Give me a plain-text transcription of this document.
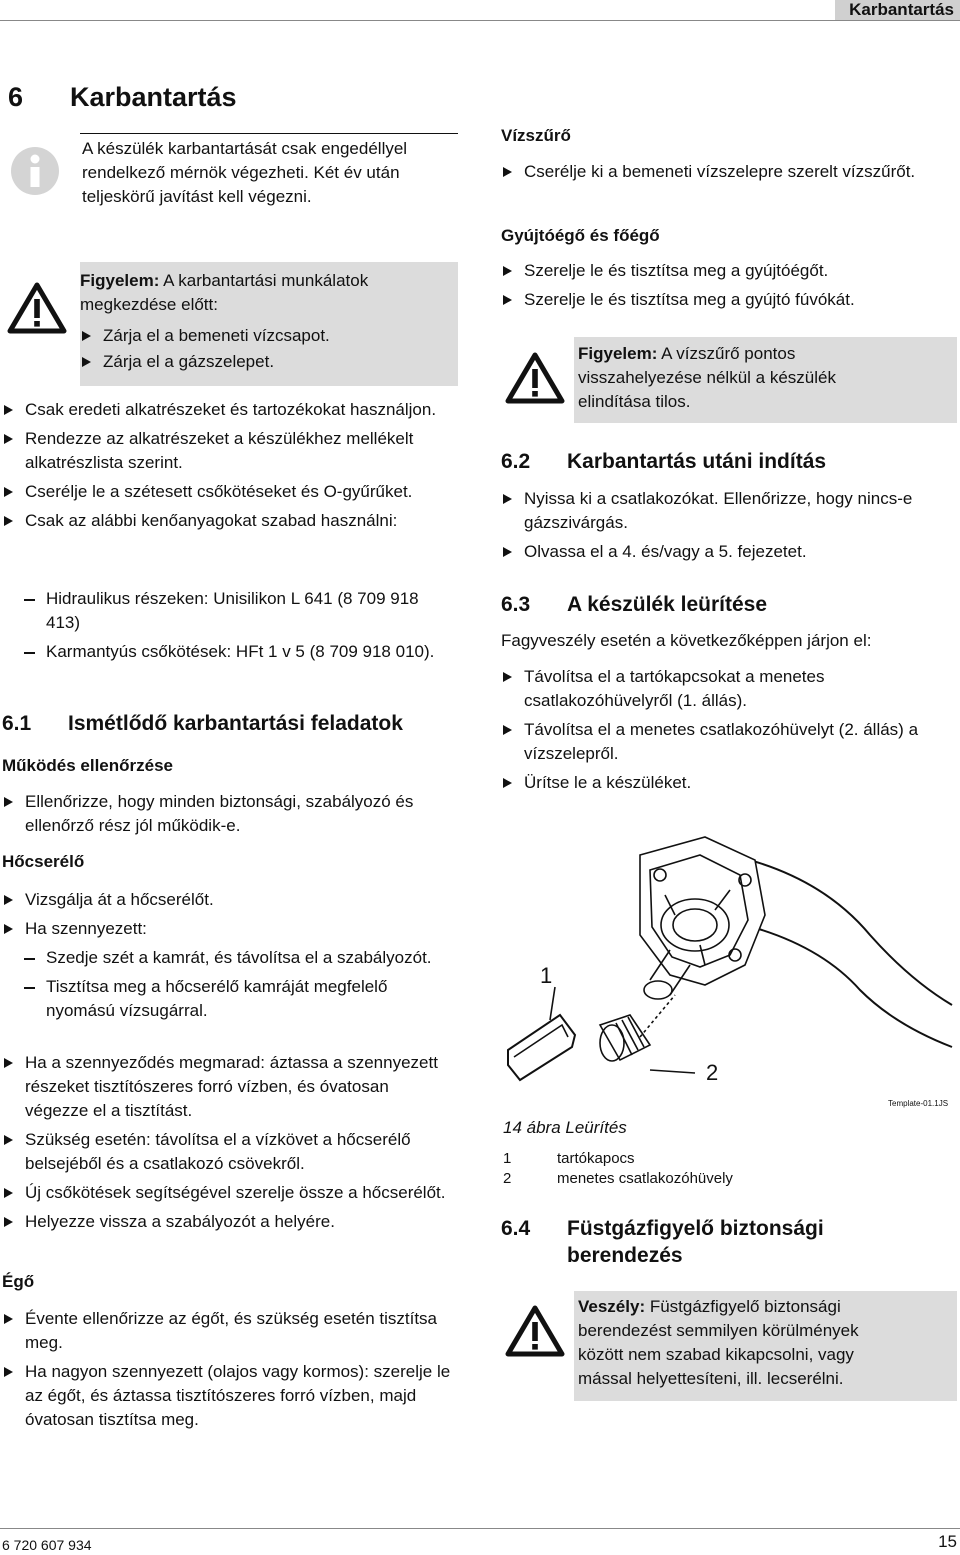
Karbantartás
6 Karbantartás
A készülék karbantartását csak engedéllyel rendelkező mérnök végezheti. Két év után teljeskörű javítást kell végezni.
Figyelem: A karbantartási munkálatok megkezdése előtt:
Zárja el a bemeneti vízcsapot.
Zárja el a gázszelepet.
Csak eredeti alkatrészeket és tartozékokat használjon.
Rendezze az alkatrészeket a készülékhez mellékelt alkatrészlista szerint.
Cserélje le a szétesett csőkötéseket és O-gyűrűket.
Csak az alábbi kenőanyagokat szabad használni:
Hidraulikus részeken: Unisilikon L 641 (8 709 918 413)
Karmantyús csőkötések: HFt 1 v 5 (8 709 918 010).
6.1 Ismétlődő karbantartási feladatok
Működés ellenőrzése
Ellenőrizze, hogy minden biztonsági, szabályozó és ellenőrző rész jól működik-e.
Hőcserélő
Vizsgálja át a hőcserélőt.
Ha szennyezett:
Szedje szét a kamrát, és távolítsa el a szabályozót.
Tisztítsa meg a hőcserélő kamráját megfelelő nyomású vízsugárral.
Ha a szennyeződés megmarad: áztassa a szennyezett részeket tisztítószeres forró vízben, és óvatosan végezze el a tisztítást.
Szükség esetén: távolítsa el a vízkövet a hőcserélő belsejéből és a csatlakozó csövekről.
Új csőkötések segítségével szerelje össze a hőcserélőt.
Helyezze vissza a szabályozót a helyére.
Égő
Évente ellenőrizze az égőt, és szükség esetén tisztítsa meg.
Ha nagyon szennyezett (olajos vagy kormos): szerelje le az égőt, és áztassa tisztítószeres forró vízben, majd óvatosan tisztítsa meg.
Vízszűrő
Cserélje ki a bemeneti vízszelepre szerelt vízszűrőt.
Gyújtóégő és főégő
Szerelje le és tisztítsa meg a gyújtóégőt.
Szerelje le és tisztítsa meg a gyújtó fúvókát.
Figyelem: A vízszűrő pontos visszahelyezése nélkül a készülék elindítása tilos.
6.2 Karbantartás utáni indítás
Nyissa ki a csatlakozókat. Ellenőrizze, hogy nincs-e gázszivárgás.
Olvassa el a 4. és/vagy a 5. fejezetet.
6.3 A készülék leürítése
Fagyveszély esetén a következőképpen járjon el:
Távolítsa el a tartókapcsokat a menetes csatlakozóhüvelyről (1. állás).
Távolítsa el a menetes csatlakozóhüvelyt (2. állás) a vízszelepről.
Ürítse le a készüléket.
1
2
Template-01.1JS
14 ábra Leürítés
1	tartókapocs
2	menetes csatlakozóhüvely
6.4 Füstgázfigyelő biztonsági
berendezés
Veszély: Füstgázfigyelő biztonsági berendezést semmilyen körülmények között nem szabad kikapcsolni, vagy mással helyettesíteni, ill. lecserélni.
6 720 607 934	15
